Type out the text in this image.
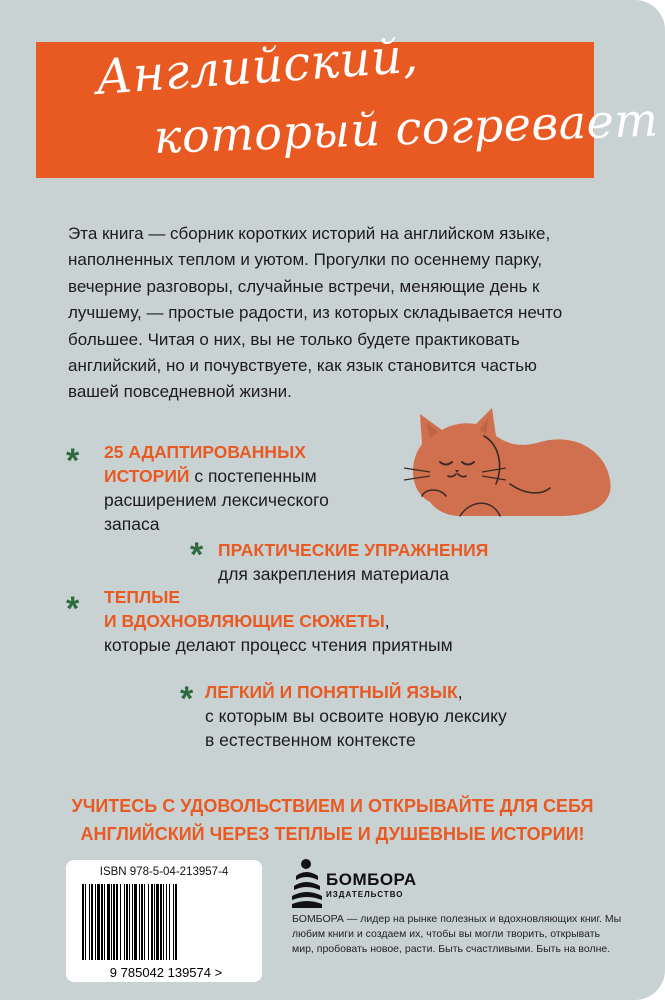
Английский,
который согревает

Эта книга — сборник коротких историй на английском языке, наполненных теплом и уютом. Прогулки по осеннему парку, вечерние разговоры, случайные встречи, меняющие день к лучшему, — простые радости, из которых складывается нечто большее. Читая о них, вы не только будете практиковать английский, но и почувствуете, как язык становится частью вашей повседневной жизни.

* 25 АДАПТИРОВАННЫХ
ИСТОРИЙ с постепенным
расширением лексического
запаса

* ПРАКТИЧЕСКИЕ УПРАЖНЕНИЯ
для закрепления материала

* ТЕПЛЫЕ
И ВДОХНОВЛЯЮЩИЕ СЮЖЕТЫ,
которые делают процесс чтения приятным

* ЛЕГКИЙ И ПОНЯТНЫЙ ЯЗЫК,
с которым вы освоите новую лексику
в естественном контексте

УЧИТЕСЬ С УДОВОЛЬСТВИЕМ И ОТКРЫВАЙТЕ ДЛЯ СЕБЯ
АНГЛИЙСКИЙ ЧЕРЕЗ ТЕПЛЫЕ И ДУШЕВНЫЕ ИСТОРИИ!

ISBN 978-5-04-213957-4
9 785042 139574 >

БОМБОРА

ИЗДАТЕЛЬСТВО

БОМБОРА — лидер на рынке полезных и вдохновляющих книг. Мы любим книги и создаем их, чтобы вы могли творить, открывать мир, пробовать новое, расти. Быть счастливыми. Быть на волне.
